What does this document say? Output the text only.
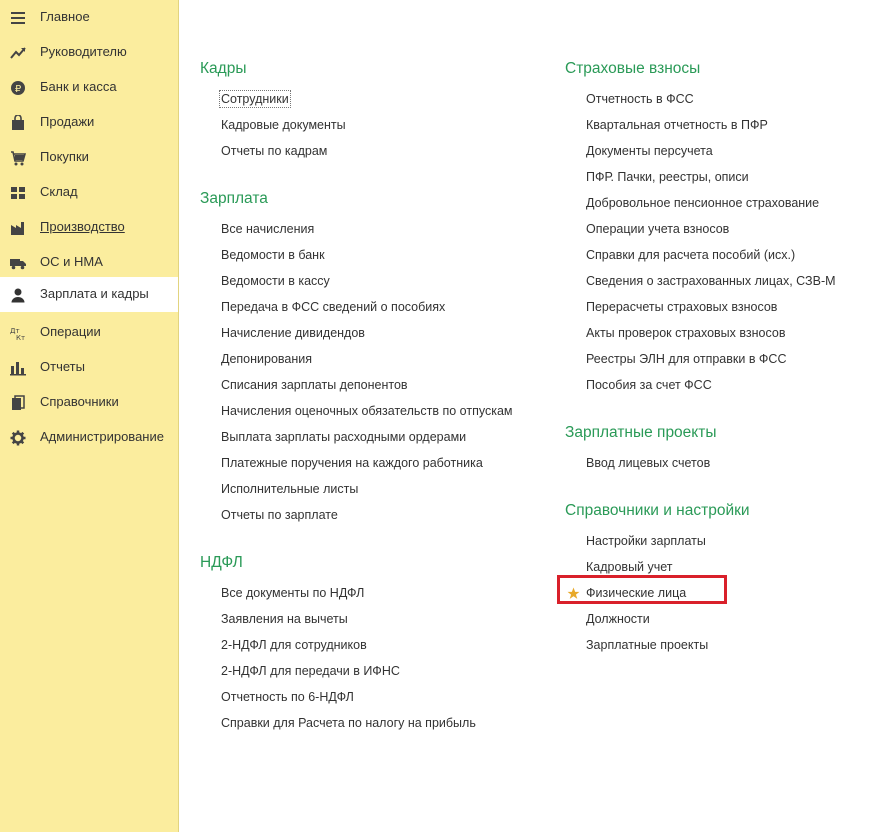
Главное
Руководителю
₽ Банк и касса
Продажи
Покупки
Склад
Производство
ОС и НМА
Зарплата и кадры
Дт
Кт Операции
Отчеты
Справочники
Администрирование
Кадры
Сотрудники
Кадровые документы
Отчеты по кадрам
Зарплата
Все начисления
Ведомости в банк
Ведомости в кассу
Передача в ФСС сведений о пособиях
Начисление дивидендов
Депонирования
Списания зарплаты депонентов
Начисления оценочных обязательств по отпускам
Выплата зарплаты расходными ордерами
Платежные поручения на каждого работника
Исполнительные листы
Отчеты по зарплате
НДФЛ
Все документы по НДФЛ
Заявления на вычеты
2-НДФЛ для сотрудников
2-НДФЛ для передачи в ИФНС
Отчетность по 6-НДФЛ
Справки для Расчета по налогу на прибыль
Страховые взносы
Отчетность в ФСС
Квартальная отчетность в ПФР
Документы персучета
ПФР. Пачки, реестры, описи
Добровольное пенсионное страхование
Операции учета взносов
Справки для расчета пособий (исх.)
Сведения о застрахованных лицах, СЗВ-М
Перерасчеты страховых взносов
Акты проверок страховых взносов
Реестры ЭЛН для отправки в ФСС
Пособия за счет ФСС
Зарплатные проекты
Ввод лицевых счетов
Справочники и настройки
Настройки зарплаты
Кадровый учет
Физические лица
Должности
Зарплатные проекты
